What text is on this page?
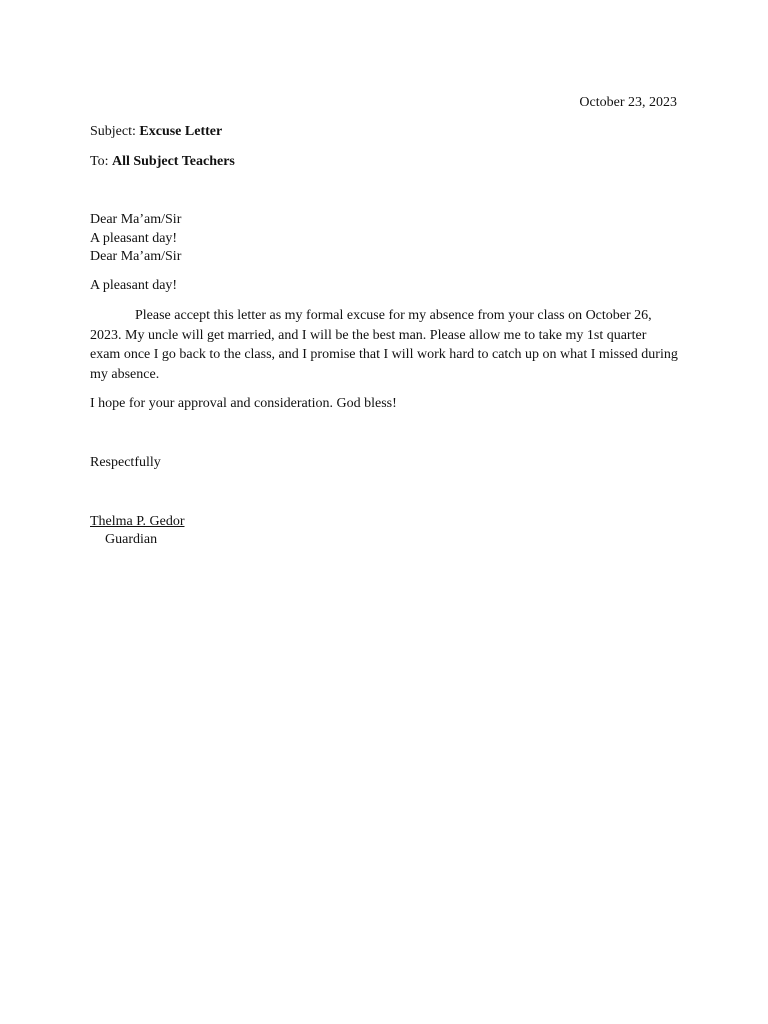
October 23, 2023
Subject: Excuse Letter
To: All Subject Teachers
Dear Ma’am/Sir
A pleasant day!
Dear Ma’am/Sir
A pleasant day!

Please accept this letter as my formal excuse for my absence from your class on October 26, 2023. My uncle will get married, and I will be the best man. Please allow me to take my 1st quarter exam once I go back to the class, and I promise that I will work hard to catch up on what I missed during my absence.

I hope for your approval and consideration. God bless!
Respectfully
Thelma P. Gedor
Guardian
